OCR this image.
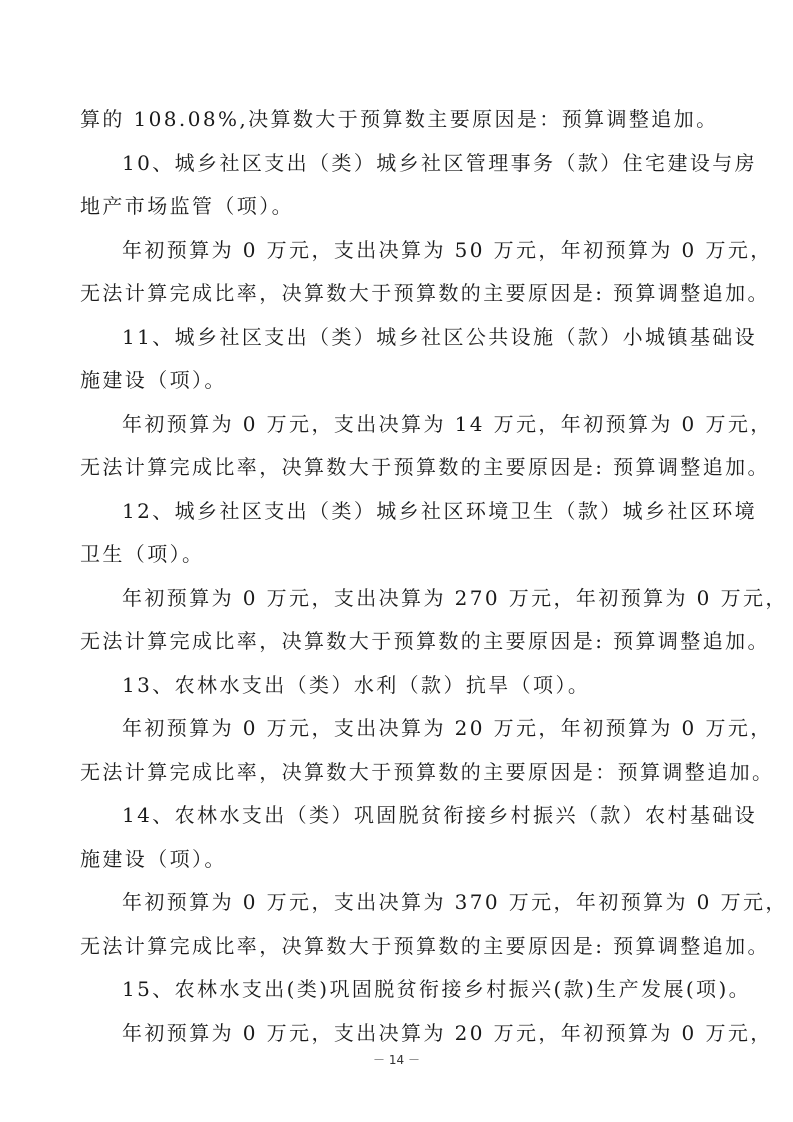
算的 108.08%,决算数大于预算数主要原因是：预算调整追加。
10、城乡社区支出（类）城乡社区管理事务（款）住宅建设与房
地产市场监管（项）。
年初预算为 0 万元，支出决算为 50 万元，年初预算为 0 万元，
无法计算完成比率，决算数大于预算数的主要原因是: 预算调整追加。
11、城乡社区支出（类）城乡社区公共设施（款）小城镇基础设
施建设（项）。
年初预算为 0 万元，支出决算为 14 万元，年初预算为 0 万元，
无法计算完成比率，决算数大于预算数的主要原因是: 预算调整追加。
12、城乡社区支出（类）城乡社区环境卫生（款）城乡社区环境
卫生（项）。
年初预算为 0 万元，支出决算为 270 万元，年初预算为 0 万元，
无法计算完成比率，决算数大于预算数的主要原因是: 预算调整追加。
13、农林水支出（类）水利（款）抗旱（项）。
年初预算为 0 万元，支出决算为 20 万元，年初预算为 0 万元，
无法计算完成比率，决算数大于预算数的主要原因是：预算调整追加。
14、农林水支出（类）巩固脱贫衔接乡村振兴（款）农村基础设
施建设（项）。
年初预算为 0 万元，支出决算为 370 万元，年初预算为 0 万元，
无法计算完成比率，决算数大于预算数的主要原因是: 预算调整追加。
15、农林水支出(类)巩固脱贫衔接乡村振兴(款)生产发展(项)。
年初预算为 0 万元，支出决算为 20 万元，年初预算为 0 万元，
－ 14 －
